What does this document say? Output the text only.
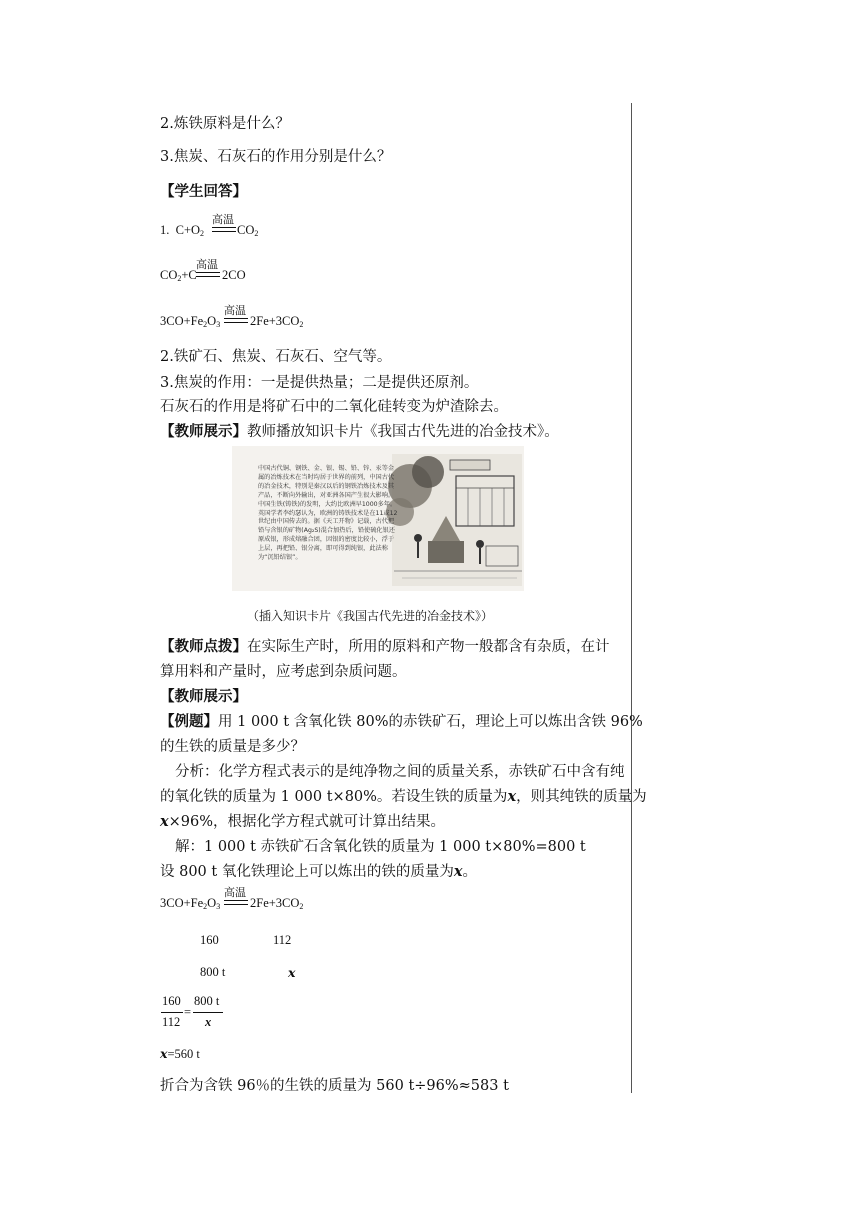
2.炼铁原料是什么？
3.焦炭、石灰石的作用分别是什么？
【学生回答】
1. $C+O_2$
高温
$CO_2$
$CO_2+C$
高温
2CO
$3CO+Fe_2O_3$
高温
$2Fe+3CO_2$
2.铁矿石、焦炭、石灰石、空气等。
3.焦炭的作用：一是提供热量；二是提供还原剂。
石灰石的作用是将矿石中的二氧化硅转变为炉渣除去。
【教师展示】教师播放知识卡片《我国古代先进的冶金技术》。
中国古代铜、钢铁、金、银、锡、铅、锌、汞等金属的冶炼技术在当时均居于世界的前列，中国古代的冶金技术，特别是秦汉以后的钢铁冶炼技术及其产品，不断向外输出，对亚洲各国产生很大影响。中国生铁(铸铁)的发明，大约比欧洲早1000多年。英国学者李约瑟认为，欧洲的铸铁技术是在11或12世纪由中国传去的。据《天工开物》记载，古代把铅与含银的矿物(Ag₂S)混合加热后，铅使硫化银还原成银，形成熔融合团，因银的密度比较小，浮于上层，再把铅、银分离，即可得到纯银，此法称为“沉铅结银”。
（插入知识卡片《我国古代先进的冶金技术》）
【教师点拨】在实际生产时，所用的原料和产物一般都含有杂质，在计
算用料和产量时，应考虑到杂质问题。
【教师展示】
【例题】用 1 000 t 含氧化铁 80%的赤铁矿石，理论上可以炼出含铁 96%
的生铁的质量是多少？
分析：化学方程式表示的是纯净物之间的质量关系，赤铁矿石中含有纯
的氧化铁的质量为 1 000 t×80%。若设生铁的质量为x，则其纯铁的质量为
x×96%，根据化学方程式就可计算出结果。
解：1 000 t 赤铁矿石含氧化铁的质量为 1 000 t×80%=800 t
设 800 t 氧化铁理论上可以炼出的铁的质量为x。
$3CO+Fe_2O_3$
高温
$2Fe+3CO_2$
160	112
800 t	x
160
112
=
800 t
x
x=560 t
折合为含铁 96％的生铁的质量为 560 t÷96%≈583 t
